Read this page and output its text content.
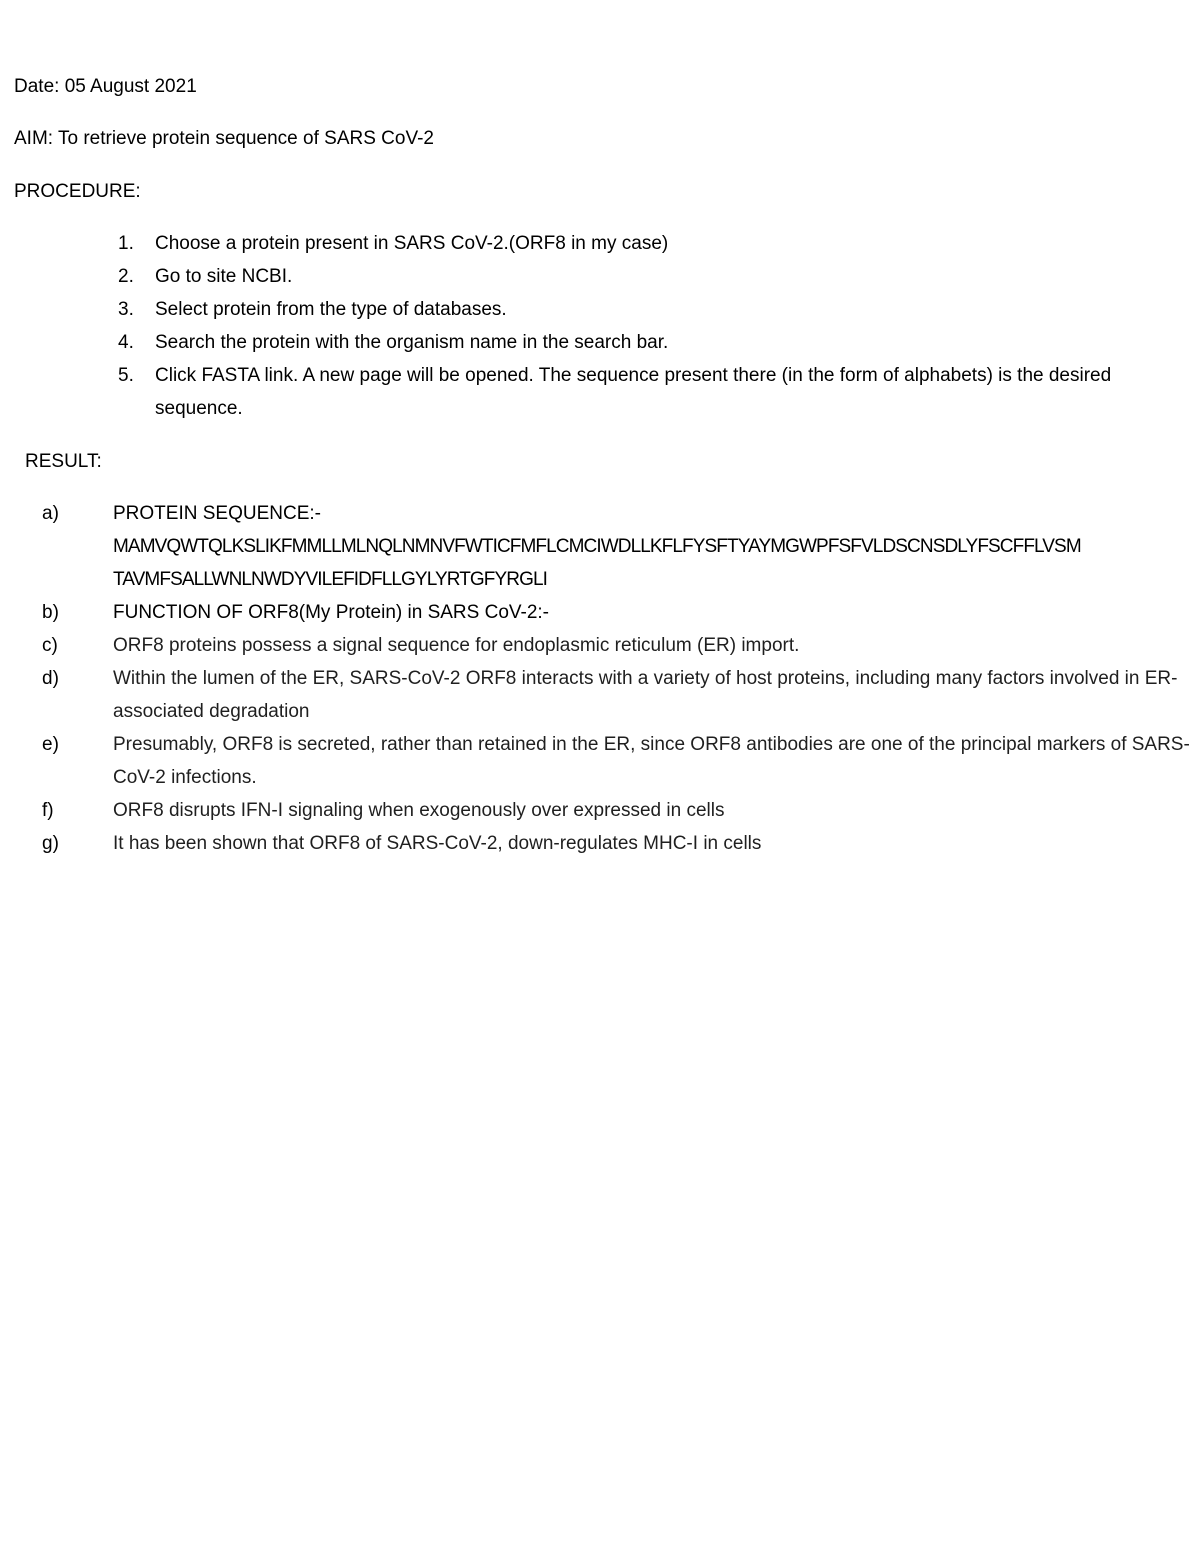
Date: 05 August 2021
AIM: To retrieve protein sequence of SARS CoV-2
PROCEDURE:
1.	Choose a protein present in SARS CoV-2.(ORF8 in my case)
2.	Go to site NCBI.
3.	Select protein from the type of databases.
4.	Search the protein with the organism name in the search bar.
5.	Click FASTA link. A new page will be opened. The sequence present there (in the form of alphabets) is the desired sequence.
RESULT:
a)	PROTEIN SEQUENCE:-
MAMVQWTQLKSLIKFMMLLMLNQLNMNVFWTICFMFLCMCIWDLLKFLFYSFTYAYMGWPFSFVLDSCNSDLYFSCFFLVSM
TAVMFSALLWNLNWDYVILEFIDFLLGYLYRTGFYRGLI
b)	FUNCTION OF ORF8(My Protein) in SARS CoV-2:-
c)	ORF8 proteins possess a signal sequence for endoplasmic reticulum (ER) import.
d)	Within the lumen of the ER, SARS-CoV-2 ORF8 interacts with a variety of host proteins, including many factors involved in ER-associated degradation
e)	Presumably, ORF8 is secreted, rather than retained in the ER, since ORF8 antibodies are one of the principal markers of SARS-CoV-2 infections.
f)	ORF8 disrupts IFN-I signaling when exogenously over expressed in cells
g)	It has been shown that ORF8 of SARS-CoV-2, down-regulates MHC-I in cells
